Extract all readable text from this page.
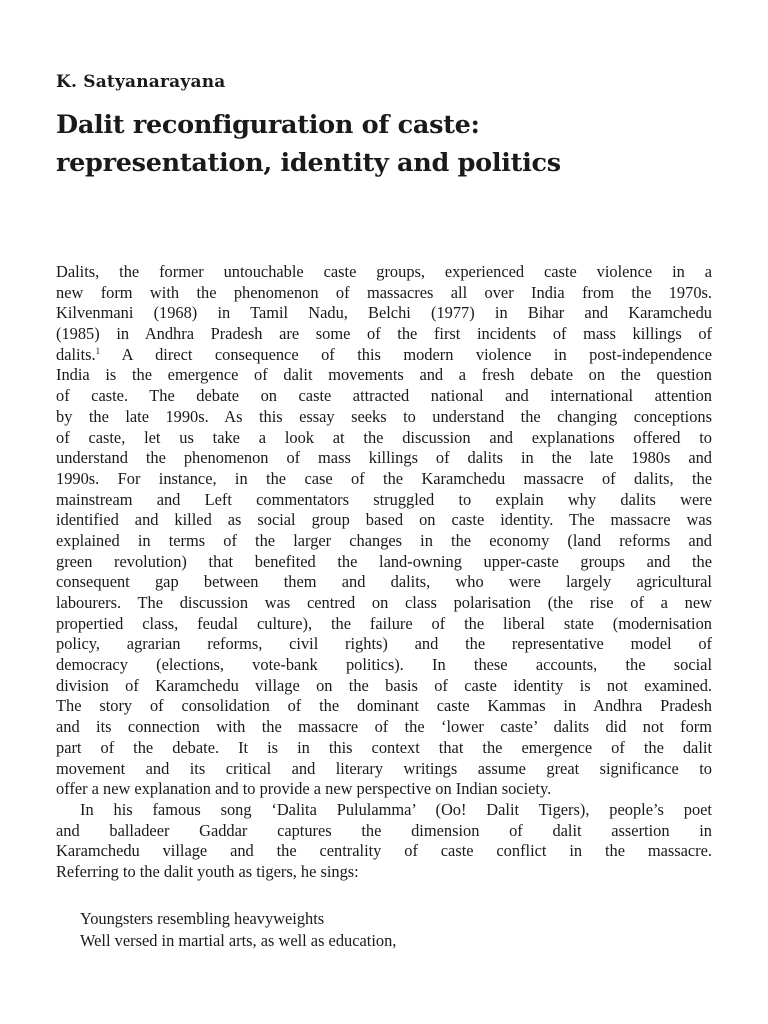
K. Satyanarayana

Dalit reconfiguration of caste:
representation, identity and politics
Dalits, the former untouchable caste groups, experienced caste violence in a
new form with the phenomenon of massacres all over India from the 1970s.
Kilvenmani (1968) in Tamil Nadu, Belchi (1977) in Bihar and Karamchedu
(1985) in Andhra Pradesh are some of the first incidents of mass killings of
dalits.$^1$ A direct consequence of this modern violence in post-independence
India is the emergence of dalit movements and a fresh debate on the question
of caste. The debate on caste attracted national and international attention
by the late 1990s. As this essay seeks to understand the changing conceptions
of caste, let us take a look at the discussion and explanations offered to
understand the phenomenon of mass killings of dalits in the late 1980s and
1990s. For instance, in the case of the Karamchedu massacre of dalits, the
mainstream and Left commentators struggled to explain why dalits were
identified and killed as social group based on caste identity. The massacre was
explained in terms of the larger changes in the economy (land reforms and
green revolution) that benefited the land-owning upper-caste groups and the
consequent gap between them and dalits, who were largely agricultural
labourers. The discussion was centred on class polarisation (the rise of a new
propertied class, feudal culture), the failure of the liberal state (modernisation
policy, agrarian reforms, civil rights) and the representative model of
democracy (elections, vote-bank politics). In these accounts, the social
division of Karamchedu village on the basis of caste identity is not examined.
The story of consolidation of the dominant caste Kammas in Andhra Pradesh
and its connection with the massacre of the ‘lower caste’ dalits did not form
part of the debate. It is in this context that the emergence of the dalit
movement and its critical and literary writings assume great significance to
offer a new explanation and to provide a new perspective on Indian society.
In his famous song ‘Dalita Pululamma’ (Oo! Dalit Tigers), people’s poet
and balladeer Gaddar captures the dimension of dalit assertion in
Karamchedu village and the centrality of caste conflict in the massacre.
Referring to the dalit youth as tigers, he sings:
Youngsters resembling heavyweights
Well versed in martial arts, as well as education,
